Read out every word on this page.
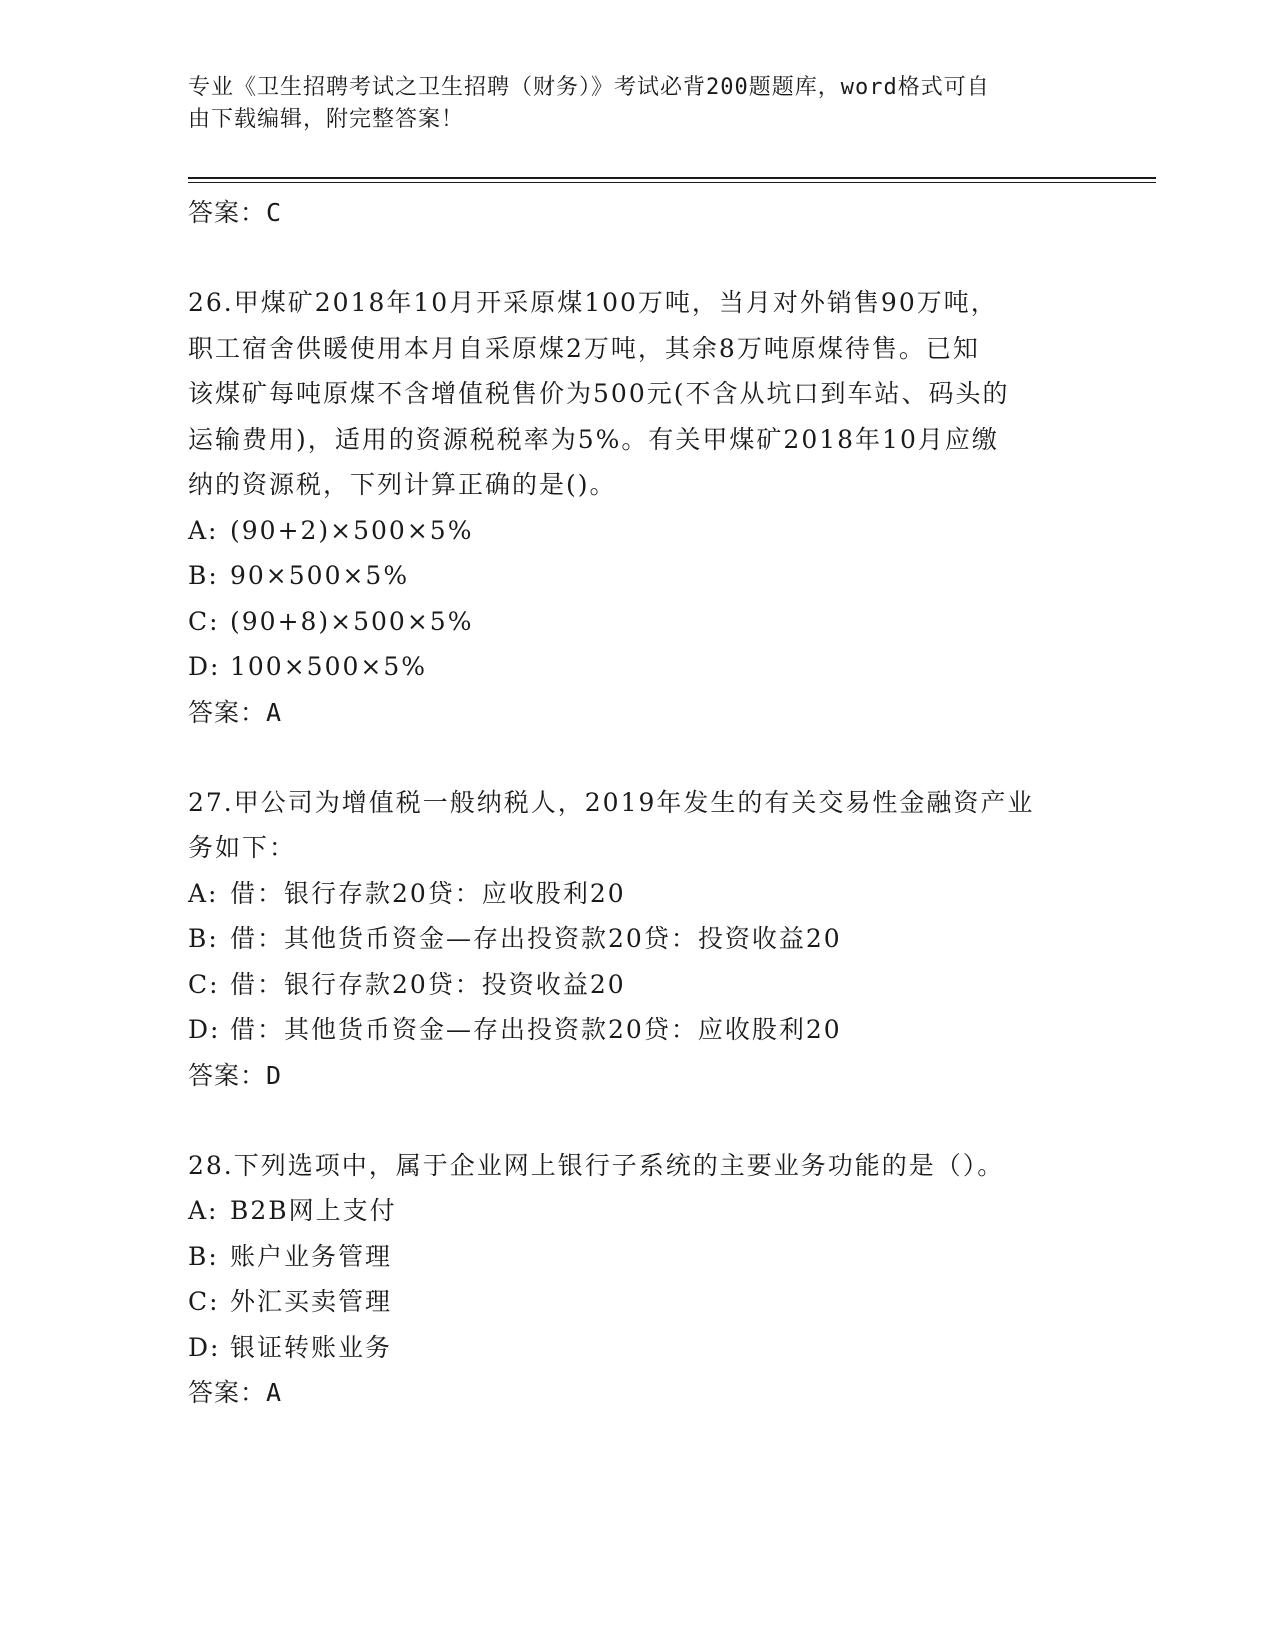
专业《卫生招聘考试之卫生招聘（财务）》考试必背200题题库，word格式可自

由下载编辑，附完整答案！

答案：C

26.甲煤矿2018年10月开采原煤100万吨，当月对外销售90万吨，

职工宿舍供暖使用本月自采原煤2万吨，其余8万吨原煤待售。已知

该煤矿每吨原煤不含增值税售价为500元(不含从坑口到车站、码头的

运输费用)，适用的资源税税率为5%。有关甲煤矿2018年10月应缴

纳的资源税，下列计算正确的是()。

A: (90+2)×500×5%

B: 90×500×5%

C: (90+8)×500×5%

D: 100×500×5%

答案：A

27.甲公司为增值税一般纳税人，2019年发生的有关交易性金融资产业

务如下：

A: 借：银行存款20贷：应收股利20

B: 借：其他货币资金—存出投资款20贷：投资收益20

C: 借：银行存款20贷：投资收益20

D: 借：其他货币资金—存出投资款20贷：应收股利20

答案：D

28.下列选项中，属于企业网上银行子系统的主要业务功能的是（）。

A: B2B网上支付

B: 账户业务管理

C: 外汇买卖管理

D: 银证转账业务

答案：A
